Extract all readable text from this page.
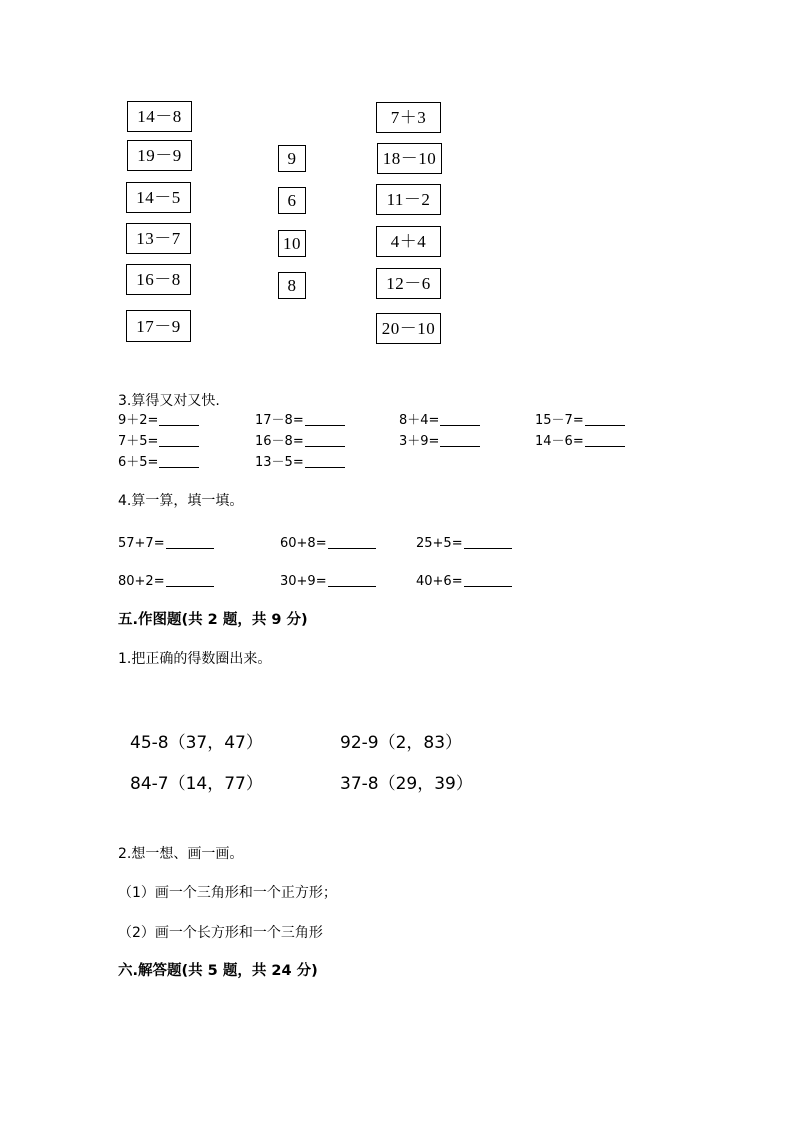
14－8
19－9
14－5
13－7
16－8
17－9
9
6
10
8
7＋3
18－10
11－2
4＋4
12－6
20－10
3.算得又对又快.
9＋2=	17－8=	8＋4=	15－7=
7＋5=	16－8=	3＋9=	14－6=
6＋5=	13－5=
4.算一算，填一填。
57+7=	60+8=	25+5=
80+2=	30+9=	40+6=
五.作图题(共 2 题，共 9 分)
1.把正确的得数圈出来。
45-8（37，47）	92-9（2，83）
84-7（14，77）	37-8（29，39）
2.想一想、画一画。
（1）画一个三角形和一个正方形；
（2）画一个长方形和一个三角形
六.解答题(共 5 题，共 24 分)
